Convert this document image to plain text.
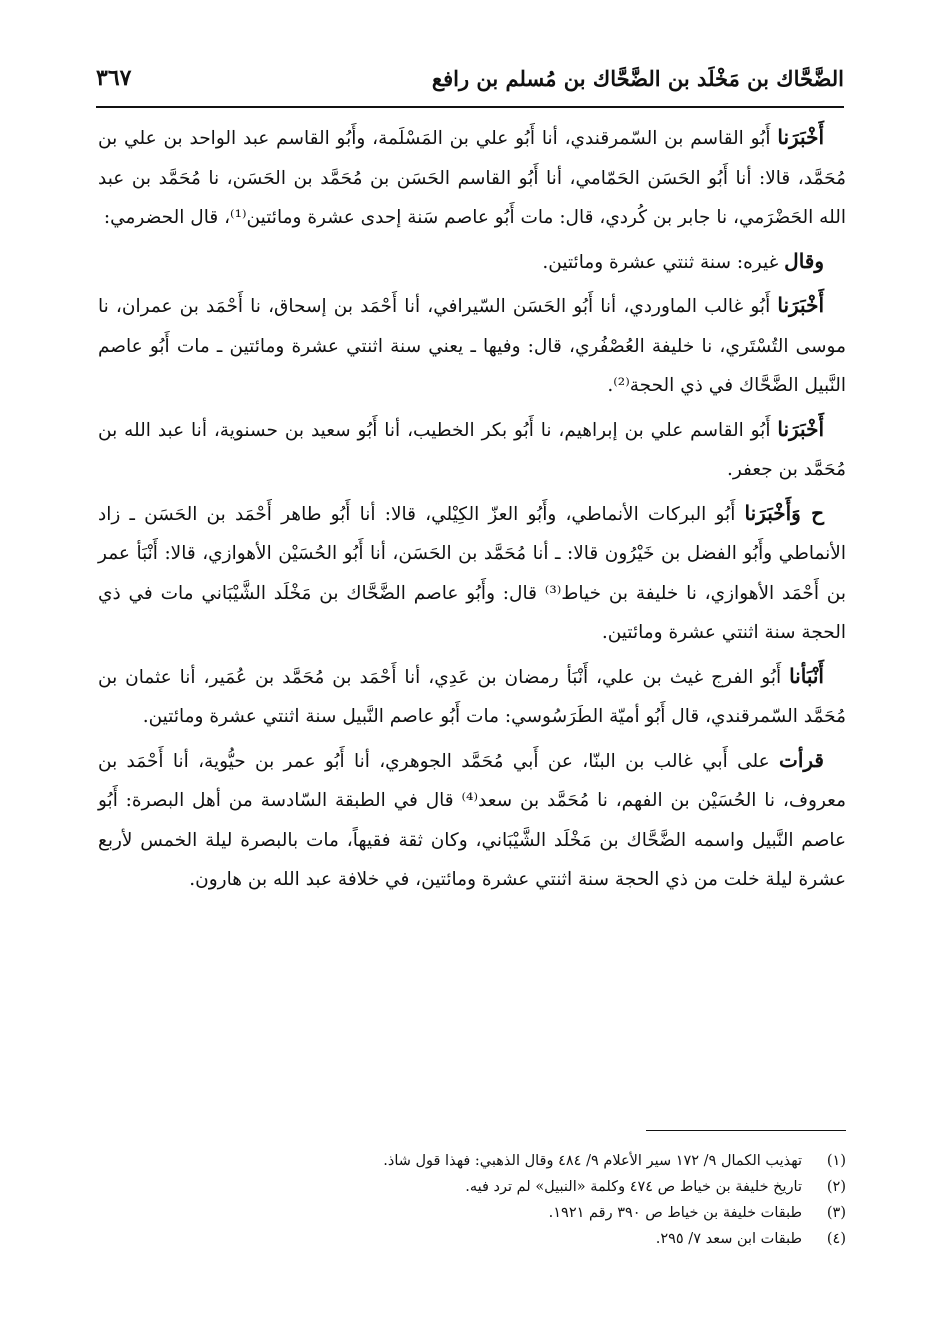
الضَّحَّاك بن مَخْلَد بن الضَّحَّاك بن مُسلم بن رافع
٣٦٧

أَخْبَرَنا أَبُو القاسم بن السّمرقندي، أنا أَبُو علي بن المَسْلَمة، وأَبُو القاسم عبد الواحد بن علي بن مُحَمَّد، قالا: أنا أَبُو الحَسَن الحَمّامي، أنا أَبُو القاسم الحَسَن بن مُحَمَّد بن الحَسَن، نا مُحَمَّد بن عبد الله الحَضْرَمي، نا جابر بن كُردي، قال: مات أَبُو عاصم سَنة إحدى عشرة ومائتين⁽¹⁾، قال الحضرمي:

وقال غيره: سنة ثنتي عشرة ومائتين.

أَخْبَرَنا أَبُو غالب الماوردي، أنا أَبُو الحَسَن السّيرافي، أنا أَحْمَد بن إسحاق، نا أَحْمَد بن عمران، نا موسى التُسْتَري، نا خليفة العُصْفُري، قال: وفيها ـ يعني سنة اثنتي عشرة ومائتين ـ مات أَبُو عاصم النَّبيل الضَّحَّاك في ذي الحجة⁽²⁾.

أَخْبَرَنا أَبُو القاسم علي بن إبراهيم، نا أَبُو بكر الخطيب، أنا أَبُو سعيد بن حسنوية، أنا عبد الله بن مُحَمَّد بن جعفر.

ح وَأَخْبَرَنا أَبُو البركات الأنماطي، وأَبُو العزّ الكِيْلي، قالا: أنا أَبُو طاهر أَحْمَد بن الحَسَن ـ زاد الأنماطي وأَبُو الفضل بن خَيْرُون قالا: ـ أنا مُحَمَّد بن الحَسَن، أنا أَبُو الحُسَيْن الأهوازي، قالا: أَنْبَأ عمر بن أَحْمَد الأهوازي، نا خليفة بن خياط⁽³⁾ قال: وأَبُو عاصم الضَّحَّاك بن مَخْلَد الشَّيْبَاني مات في ذي الحجة سنة اثنتي عشرة ومائتين.

أَنْبَأنا أَبُو الفرج غيث بن علي، أَنْبَأ رمضان بن عَدِي، أنا أَحْمَد بن مُحَمَّد بن عُمَير، أنا عثمان بن مُحَمَّد السّمرقندي، قال أَبُو أميّة الطَرَسُوسي: مات أَبُو عاصم النَّبيل سنة اثنتي عشرة ومائتين.

قرأت على أَبي غالب بن البنّا، عن أَبي مُحَمَّد الجوهري، أنا أَبُو عمر بن حيُّوية، أنا أَحْمَد بن معروف، نا الحُسَيْن بن الفهم، نا مُحَمَّد بن سعد⁽⁴⁾ قال في الطبقة السّادسة من أهل البصرة: أَبُو عاصم النَّبيل واسمه الضَّحَّاك بن مَخْلَد الشَّيْبَاني، وكان ثقة فقيهاً، مات بالبصرة ليلة الخمس لأربع عشرة ليلة خلت من ذي الحجة سنة اثنتي عشرة ومائتين، في خلافة عبد الله بن هارون.

(١)
تهذيب الكمال ٩/ ١٧٢ سير الأعلام ٩/ ٤٨٤ وقال الذهبي: فهذا قول شاذ.
(٢)
تاريخ خليفة بن خياط ص ٤٧٤ وكلمة «النبيل» لم ترد فيه.
(٣)
طبقات خليفة بن خياط ص ٣٩٠ رقم ١٩٢١.
(٤)
طبقات ابن سعد ٧/ ٢٩٥.
